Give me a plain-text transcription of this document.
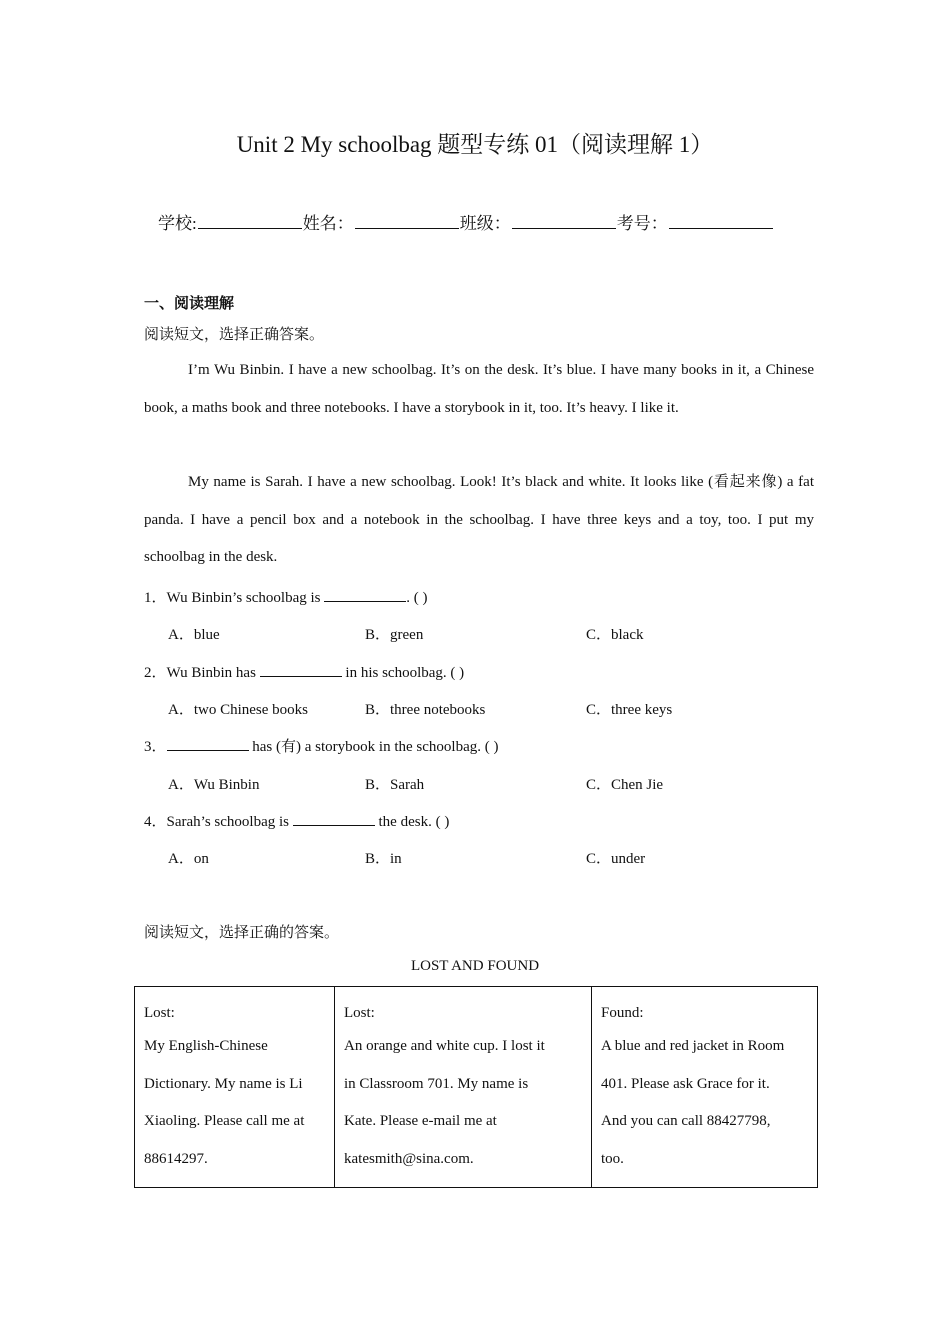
Unit 2 My schoolbag 题型专练 01（阅读理解 1）
学校:	姓名：	班级：	考号：
一、阅读理解
阅读短文，选择正确答案。
I’m Wu Binbin. I have a new schoolbag. It’s on the desk. It’s blue. I have many books in it, a Chinese book, a maths book and three notebooks. I have a storybook in it, too. It’s heavy. I like it.
My name is Sarah. I have a new schoolbag. Look! It’s black and white. It looks like (看起来像) a fat panda. I have a pencil box and a notebook in the schoolbag. I have three keys and a toy, too. I put my schoolbag in the desk.
1．Wu Binbin’s schoolbag is	. ( )
A．blue	B．green	C．black
2．Wu Binbin has	in his schoolbag. ( )
A．two Chinese books	B．three notebooks	C．three keys
3．	has (有) a storybook in the schoolbag. ( )
A．Wu Binbin	B．Sarah	C．Chen Jie
4．Sarah’s schoolbag is	the desk. ( )
A．on	B．in	C．under
阅读短文，选择正确的答案。
LOST AND FOUND
Lost:
My English-Chinese
Dictionary. My name is Li
Xiaoling. Please call me at
88614297.

Lost:
An orange and white cup. I lost it
in Classroom 701. My name is
Kate. Please e-mail me at
katesmith@sina.com.

Found:
A blue and red jacket in Room
401. Please ask Grace for it.
And you can call 88427798,
too.
